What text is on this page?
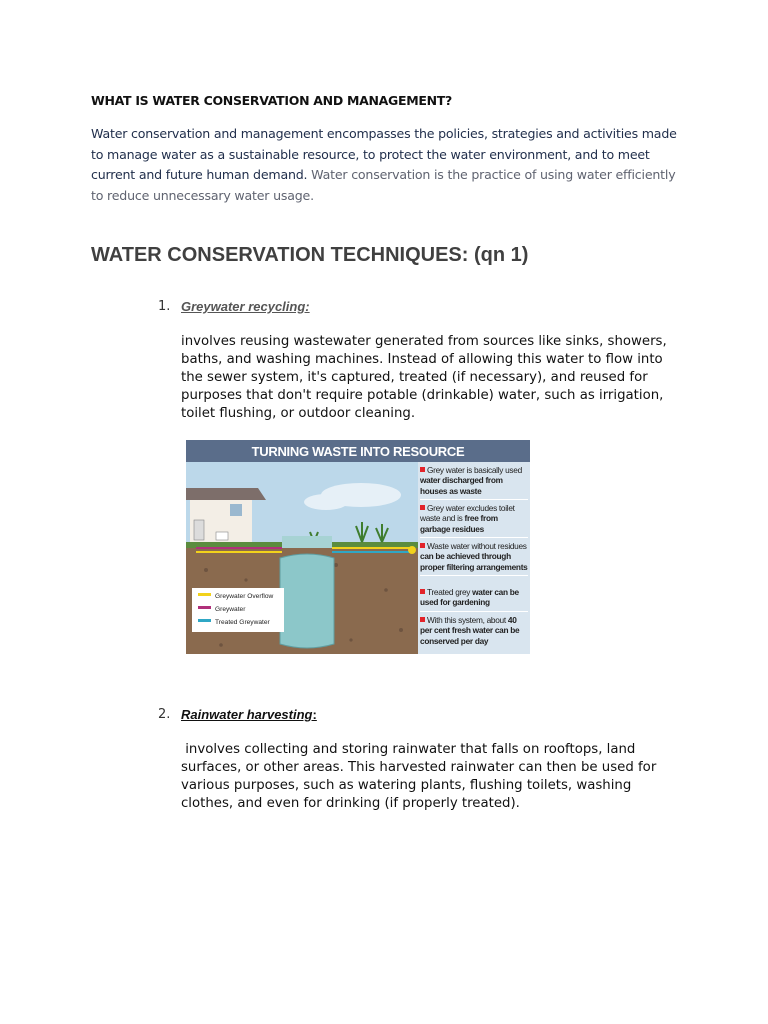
WHAT IS WATER CONSERVATION AND MANAGEMENT?
Water conservation and management encompasses the policies, strategies and activities made to manage water as a sustainable resource, to protect the water environment, and to meet current and future human demand. Water conservation is the practice of using water efficiently to reduce unnecessary water usage.
WATER CONSERVATION TECHNIQUES: (qn 1)
1. Greywater recycling:
involves reusing wastewater generated from sources like sinks, showers, baths, and washing machines. Instead of allowing this water to flow into the sewer system, it's captured, treated (if necessary), and reused for purposes that don't require potable (drinkable) water, such as irrigation, toilet flushing, or outdoor cleaning.
TURNING WASTE INTO RESOURCE
Grey water is basically used water discharged from houses as waste
Grey water excludes toilet waste and is free from garbage residues
Waste water without residues can be achieved through proper filtering arrangements
Treated grey water can be used for gardening
With this system, about 40 per cent fresh water can be conserved per day
Greywater Overflow
Greywater
Treated Greywater
2. Rainwater harvesting:
involves collecting and storing rainwater that falls on rooftops, land surfaces, or other areas. This harvested rainwater can then be used for various purposes, such as watering plants, flushing toilets, washing clothes, and even for drinking (if properly treated).
